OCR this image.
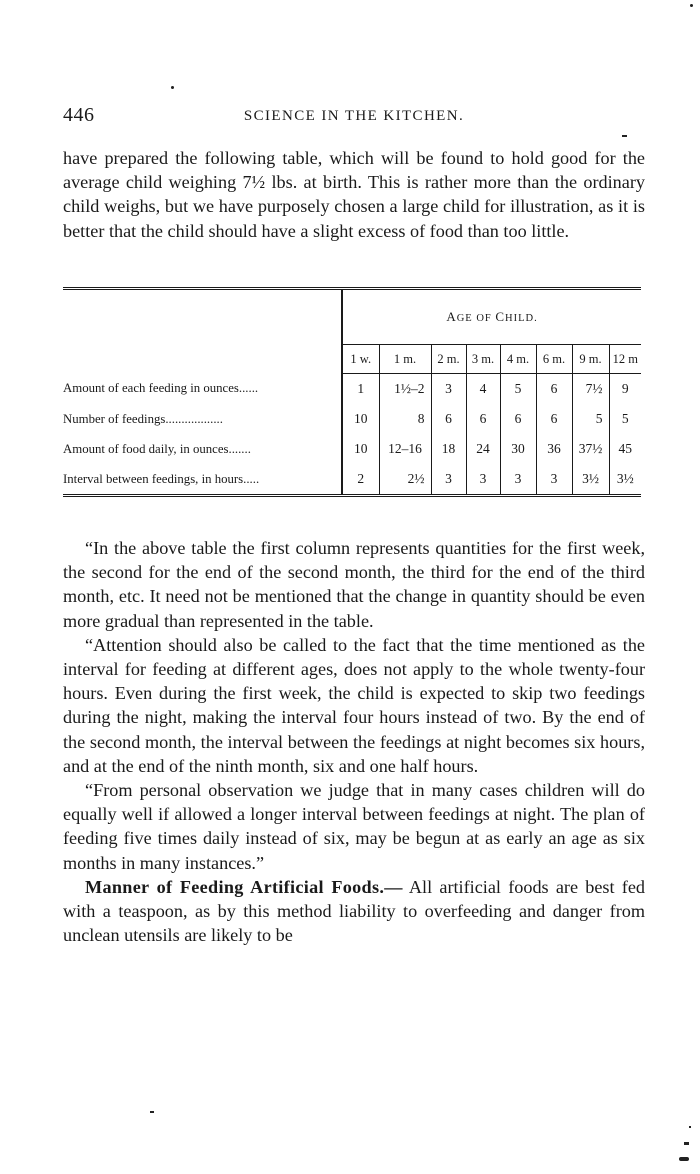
446	SCIENCE IN THE KITCHEN.

have prepared the following table, which will be found to hold good for the average child weighing 7½ lbs. at birth. This is rather more than the ordinary child weighs, but we have purposely chosen a large child for illustration, as it is better that the child should have a slight excess of food than too little.

	AGE OF CHILD.							
	1 w.	1 m.	2 m.	3 m.	4 m.	6 m.	9 m.	12 m
Amount of each feeding in ounces......	1	1½–2	3	4	5	6	7½	9
Number of feedings..................	10	8	6	6	6	6	5	5
Amount of food daily, in ounces.......	10	12–16	18	24	30	36	37½	45
Interval between feedings, in hours.....	2	2½	3	3	3	3	3½	3½

“In the above table the first column represents quantities for the first week, the second for the end of the second month, the third for the end of the third month, etc. It need not be mentioned that the change in quantity should be even more gradual than represented in the table.

“Attention should also be called to the fact that the time mentioned as the interval for feeding at different ages, does not apply to the whole twenty-four hours. Even during the first week, the child is expected to skip two feedings during the night, making the interval four hours instead of two. By the end of the second month, the interval between the feedings at night becomes six hours, and at the end of the ninth month, six and one half hours.

“From personal observation we judge that in many cases children will do equally well if allowed a longer interval between feedings at night. The plan of feeding five times daily instead of six, may be begun at as early an age as six months in many instances.”

Manner of Feeding Artificial Foods.— All artificial foods are best fed with a teaspoon, as by this method liability to overfeeding and danger from unclean utensils are likely to be
